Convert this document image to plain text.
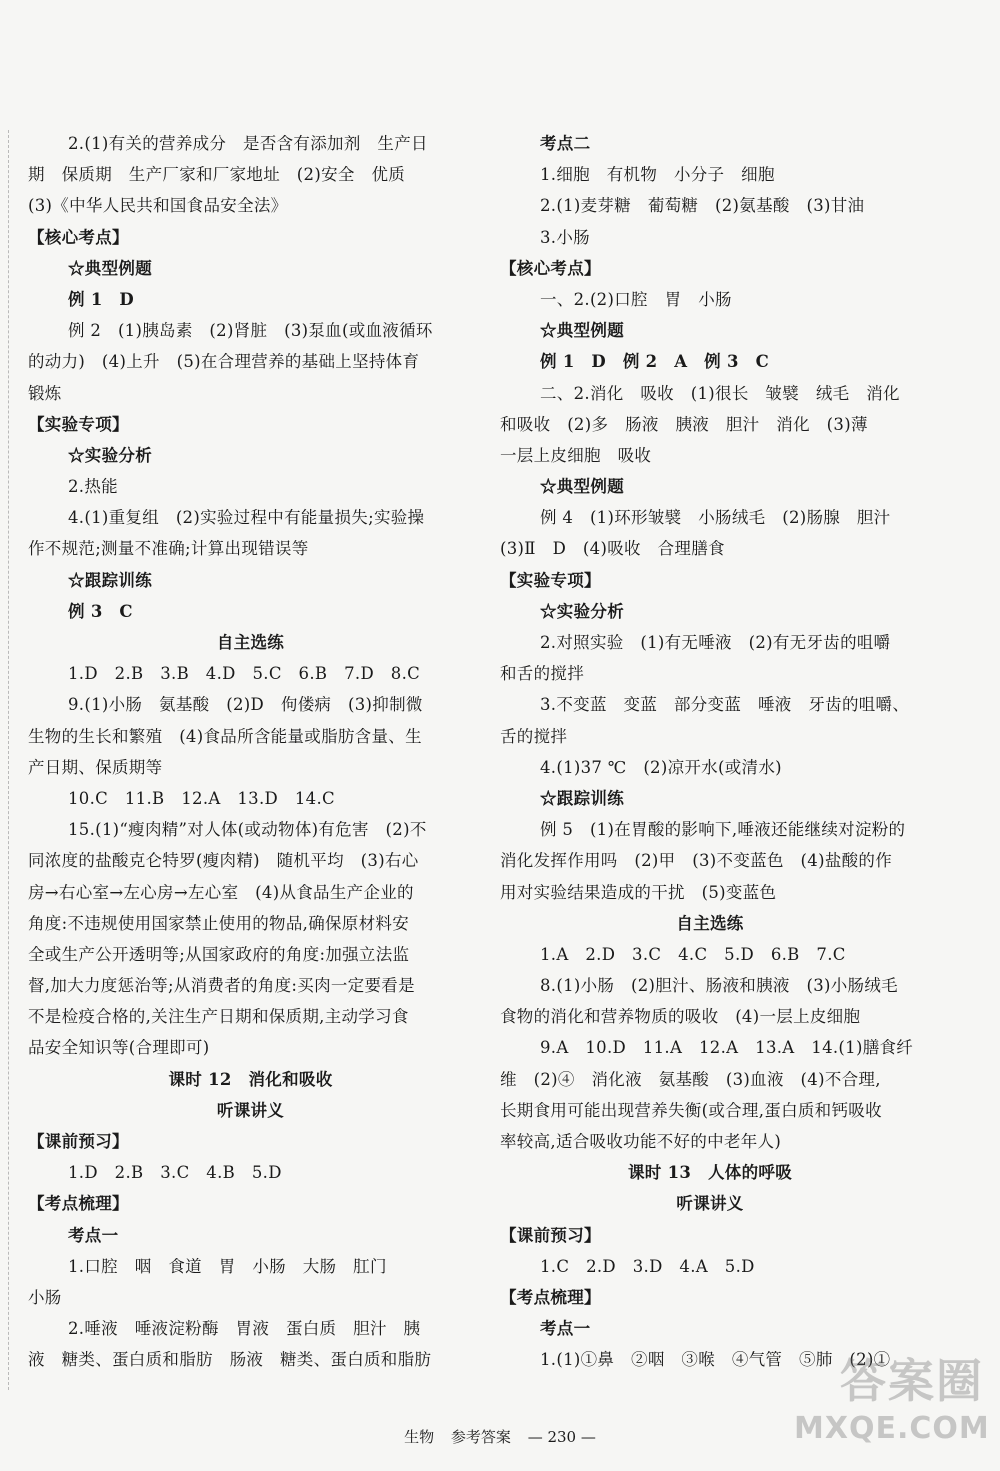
2.(1)有关的营养成分　是否含有添加剂　生产日
期　保质期　生产厂家和厂家地址　(2)安全　优质
(3)《中华人民共和国食品安全法》
【核心考点】
☆典型例题
例 1　D
例 2　(1)胰岛素　(2)肾脏　(3)泵血(或血液循环
的动力)　(4)上升　(5)在合理营养的基础上坚持体育
锻炼
【实验专项】
☆实验分析
2.热能
4.(1)重复组　(2)实验过程中有能量损失;实验操
作不规范;测量不准确;计算出现错误等
☆跟踪训练
例 3　C
自主选练
1.D　2.B　3.B　4.D　5.C　6.B　7.D　8.C
9.(1)小肠　氨基酸　(2)D　佝偻病　(3)抑制微
生物的生长和繁殖　(4)食品所含能量或脂肪含量、生
产日期、保质期等
10.C　11.B　12.A　13.D　14.C
15.(1)“瘦肉精”对人体(或动物体)有危害　(2)不
同浓度的盐酸克仑特罗(瘦肉精)　随机平均　(3)右心
房→右心室→左心房→左心室　(4)从食品生产企业的
角度:不违规使用国家禁止使用的物品,确保原材料安
全或生产公开透明等;从国家政府的角度:加强立法监
督,加大力度惩治等;从消费者的角度:买肉一定要看是
不是检疫合格的,关注生产日期和保质期,主动学习食
品安全知识等(合理即可)
课时 12　消化和吸收
听课讲义
【课前预习】
1.D　2.B　3.C　4.B　5.D
【考点梳理】
考点一
1.口腔　咽　食道　胃　小肠　大肠　肛门
小肠
2.唾液　唾液淀粉酶　胃液　蛋白质　胆汁　胰
液　糖类、蛋白质和脂肪　肠液　糖类、蛋白质和脂肪
考点二
1.细胞　有机物　小分子　细胞
2.(1)麦芽糖　葡萄糖　(2)氨基酸　(3)甘油
3.小肠
【核心考点】
一、2.(2)口腔　胃　小肠
☆典型例题
例 1　D　例 2　A　例 3　C
二、2.消化　吸收　(1)很长　皱襞　绒毛　消化
和吸收　(2)多　肠液　胰液　胆汁　消化　(3)薄
一层上皮细胞　吸收
☆典型例题
例 4　(1)环形皱襞　小肠绒毛　(2)肠腺　胆汁
(3)Ⅱ　D　(4)吸收　合理膳食
【实验专项】
☆实验分析
2.对照实验　(1)有无唾液　(2)有无牙齿的咀嚼
和舌的搅拌
3.不变蓝　变蓝　部分变蓝　唾液　牙齿的咀嚼、
舌的搅拌
4.(1)37 ℃　(2)凉开水(或清水)
☆跟踪训练
例 5　(1)在胃酸的影响下,唾液还能继续对淀粉的
消化发挥作用吗　(2)甲　(3)不变蓝色　(4)盐酸的作
用对实验结果造成的干扰　(5)变蓝色
自主选练
1.A　2.D　3.C　4.C　5.D　6.B　7.C
8.(1)小肠　(2)胆汁、肠液和胰液　(3)小肠绒毛
食物的消化和营养物质的吸收　(4)一层上皮细胞
9.A　10.D　11.A　12.A　13.A　14.(1)膳食纤
维　(2)④　消化液　氨基酸　(3)血液　(4)不合理,
长期食用可能出现营养失衡(或合理,蛋白质和钙吸收
率较高,适合吸收功能不好的中老年人)
课时 13　人体的呼吸
听课讲义
【课前预习】
1.C　2.D　3.D　4.A　5.D
【考点梳理】
考点一
1.(1)①鼻　②咽　③喉　④气管　⑤肺　(2)①
生物 参考答案 — 230 —
答案圈
MXQE.COM
